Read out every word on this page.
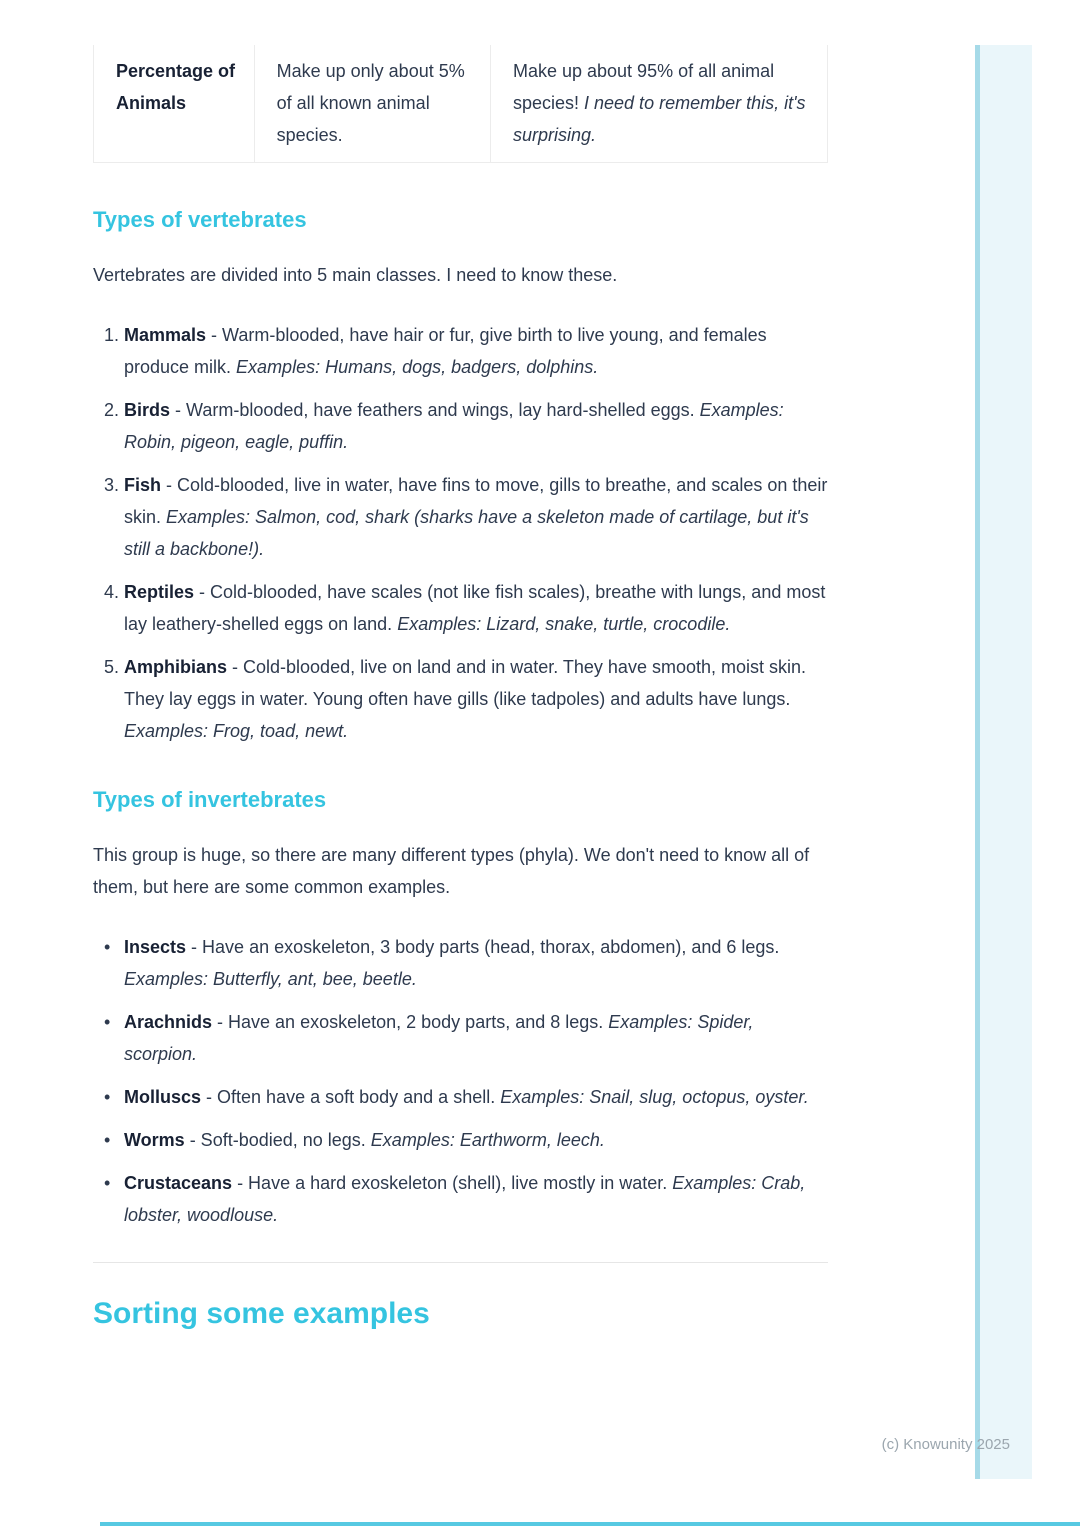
Percentage of Animals
Make up only about 5% of all known animal species.
Make up about 95% of all animal species! I need to remember this, it's surprising.
Types of vertebrates

Vertebrates are divided into 5 main classes. I need to know these.

1. Mammals - Warm-blooded, have hair or fur, give birth to live young, and females produce milk. Examples: Humans, dogs, badgers, dolphins.
2. Birds - Warm-blooded, have feathers and wings, lay hard-shelled eggs. Examples: Robin, pigeon, eagle, puffin.
3. Fish - Cold-blooded, live in water, have fins to move, gills to breathe, and scales on their skin. Examples: Salmon, cod, shark (sharks have a skeleton made of cartilage, but it's still a backbone!).
4. Reptiles - Cold-blooded, have scales (not like fish scales), breathe with lungs, and most lay leathery-shelled eggs on land. Examples: Lizard, snake, turtle, crocodile.
5. Amphibians - Cold-blooded, live on land and in water. They have smooth, moist skin. They lay eggs in water. Young often have gills (like tadpoles) and adults have lungs. Examples: Frog, toad, newt.
Types of invertebrates

This group is huge, so there are many different types (phyla). We don't need to know all of them, but here are some common examples.

• Insects - Have an exoskeleton, 3 body parts (head, thorax, abdomen), and 6 legs. Examples: Butterfly, ant, bee, beetle.
• Arachnids - Have an exoskeleton, 2 body parts, and 8 legs. Examples: Spider, scorpion.
• Molluscs - Often have a soft body and a shell. Examples: Snail, slug, octopus, oyster.
• Worms - Soft-bodied, no legs. Examples: Earthworm, leech.
• Crustaceans - Have a hard exoskeleton (shell), live mostly in water. Examples: Crab, lobster, woodlouse.
Sorting some examples
(c) Knowunity 2025
